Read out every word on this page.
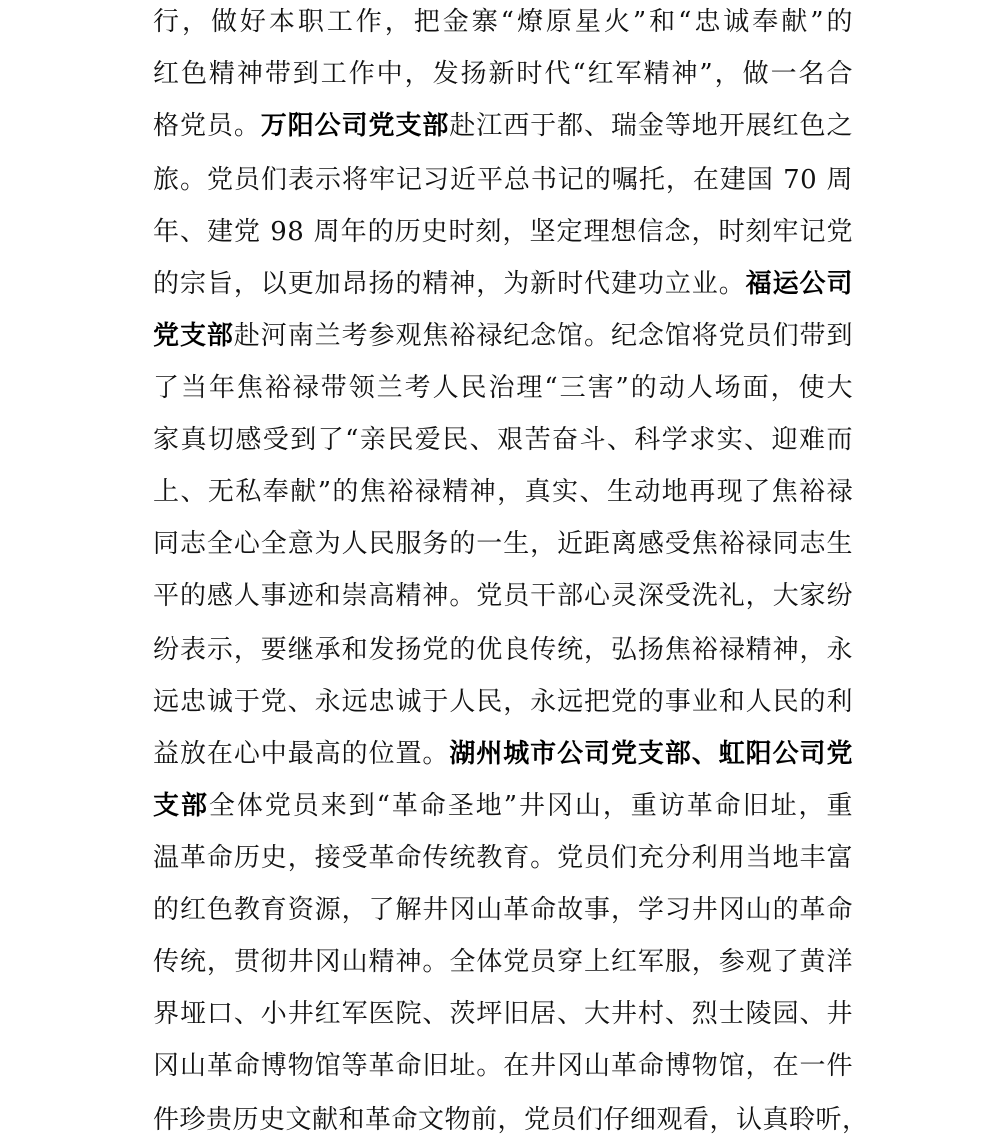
行，做好本职工作，把金寨“燎原星火”和“忠诚奉献”的
红色精神带到工作中，发扬新时代“红军精神”，做一名合
格党员。万阳公司党支部赴江西于都、瑞金等地开展红色之
旅。党员们表示将牢记习近平总书记的嘱托，在建国 70 周
年、建党 98 周年的历史时刻，坚定理想信念，时刻牢记党
的宗旨，以更加昂扬的精神，为新时代建功立业。福运公司
党支部赴河南兰考参观焦裕禄纪念馆。纪念馆将党员们带到
了当年焦裕禄带领兰考人民治理“三害”的动人场面，使大
家真切感受到了“亲民爱民、艰苦奋斗、科学求实、迎难而
上、无私奉献”的焦裕禄精神，真实、生动地再现了焦裕禄
同志全心全意为人民服务的一生，近距离感受焦裕禄同志生
平的感人事迹和崇高精神。党员干部心灵深受洗礼，大家纷
纷表示，要继承和发扬党的优良传统，弘扬焦裕禄精神，永
远忠诚于党、永远忠诚于人民，永远把党的事业和人民的利
益放在心中最高的位置。湖州城市公司党支部、虹阳公司党
支部全体党员来到“革命圣地”井冈山，重访革命旧址，重
温革命历史，接受革命传统教育。党员们充分利用当地丰富
的红色教育资源，了解井冈山革命故事，学习井冈山的革命
传统，贯彻井冈山精神。全体党员穿上红军服，参观了黄洋
界垭口、小井红军医院、茨坪旧居、大井村、烈士陵园、井
冈山革命博物馆等革命旧址。在井冈山革命博物馆，在一件
件珍贵历史文献和革命文物前，党员们仔细观看，认真聆听，
